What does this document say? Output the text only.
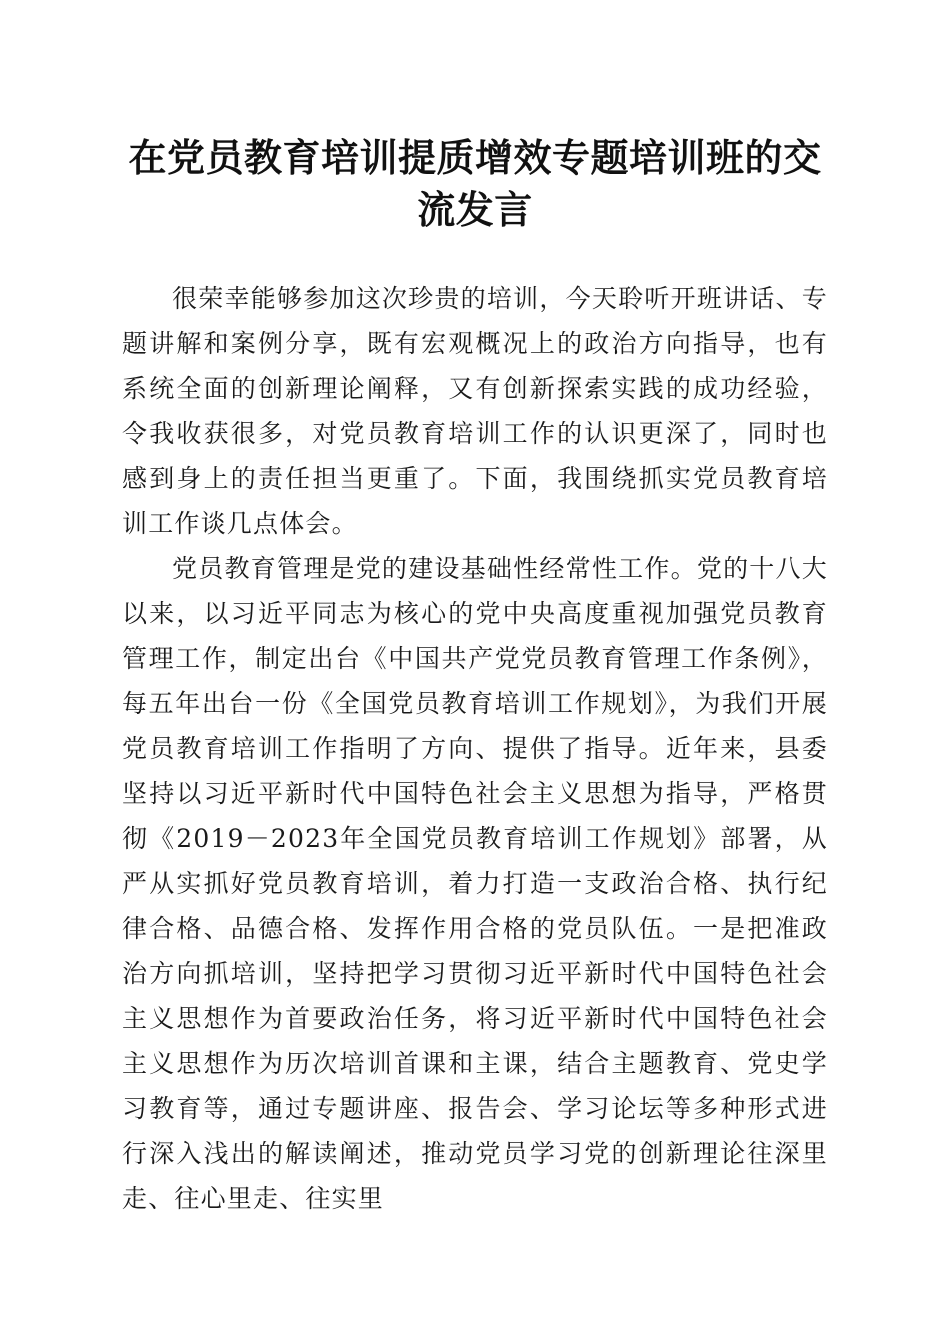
在党员教育培训提质增效专题培训班的交流发言

很荣幸能够参加这次珍贵的培训，今天聆听开班讲话、专题讲解和案例分享，既有宏观概况上的政治方向指导，也有系统全面的创新理论阐释，又有创新探索实践的成功经验，令我收获很多，对党员教育培训工作的认识更深了，同时也感到身上的责任担当更重了。下面，我围绕抓实党员教育培训工作谈几点体会。

党员教育管理是党的建设基础性经常性工作。党的十八大以来，以习近平同志为核心的党中央高度重视加强党员教育管理工作，制定出台《中国共产党党员教育管理工作条例》，每五年出台一份《全国党员教育培训工作规划》，为我们开展党员教育培训工作指明了方向、提供了指导。近年来，县委坚持以习近平新时代中国特色社会主义思想为指导，严格贯彻《2019－2023年全国党员教育培训工作规划》部署，从严从实抓好党员教育培训，着力打造一支政治合格、执行纪律合格、品德合格、发挥作用合格的党员队伍。一是把准政治方向抓培训，坚持把学习贯彻习近平新时代中国特色社会主义思想作为首要政治任务，将习近平新时代中国特色社会主义思想作为历次培训首课和主课，结合主题教育、党史学习教育等，通过专题讲座、报告会、学习论坛等多种形式进行深入浅出的解读阐述，推动党员学习党的创新理论往深里走、往心里走、往实里
